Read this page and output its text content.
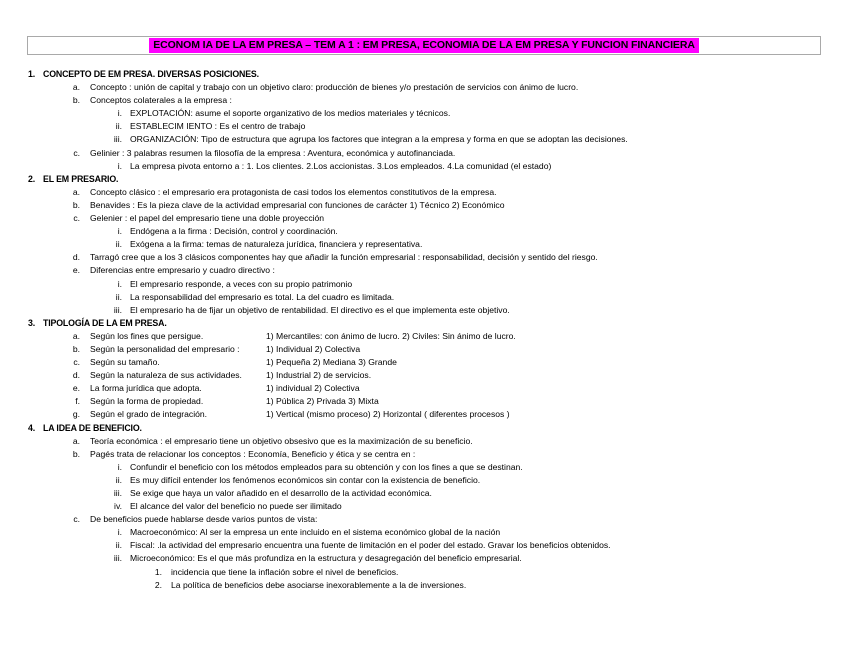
ECONOM IA DE LA EM PRESA – TEM A 1 : EM PRESA, ECONOMIA DE LA EM PRESA Y FUNCION FINANCIERA
1. CONCEPTO DE EM PRESA. DIVERSAS POSICIONES.
a.	Concepto : unión de capital y trabajo con un objetivo claro: producción de bienes y/o prestación de servicios con ánimo de lucro.
b.	Conceptos colaterales a la empresa :
i. EXPLOTACIÓN: asume el soporte organizativo de los medios materiales y técnicos.
ii. ESTABLECIM IENTO : Es el centro de trabajo
iii. ORGANIZACIÓN: Tipo de estructura que agrupa los factores que integran a la empresa y forma en que se adoptan las decisiones.
c.	Gelinier : 3 palabras resumen la filosofía de la empresa : Aventura, económica y autofinanciada.
i. La empresa pivota entorno a : 1. Los clientes. 2.Los accionistas. 3.Los empleados. 4.La comunidad (el estado)
2. EL EM PRESARIO.
a.	Concepto clásico : el empresario era protagonista de casi todos los elementos constitutivos de la empresa.
b.	Benavides : Es la pieza clave de la actividad empresarial con funciones de carácter 1) Técnico 2) Económico
c.	Gelenier : el papel del empresario tiene una doble proyección
i. Endógena a la firma : Decisión, control y coordinación.
ii. Exógena a la firma: temas de naturaleza jurídica, financiera y representativa.
d.	Tarragó cree que a los 3 clásicos componentes hay que añadir la función empresarial : responsabilidad, decisión y sentido del riesgo.
e.	Diferencias entre empresario y cuadro directivo :
i. El empresario responde, a veces con su propio patrimonio
ii. La responsabilidad del empresario es total. La del cuadro es limitada.
iii. El empresario ha de fijar un objetivo de rentabilidad. El directivo es el que implementa este objetivo.
3. TIPOLOGÍA DE LA EM PRESA.
a.	Según los fines que persigue.	1) Mercantiles: con ánimo de lucro. 2) Civiles: Sin ánimo de lucro.
b.	Según la personalidad del empresario :	1) Individual 2) Colectiva
c.	Según su tamaño.	1) Pequeña 2) Mediana 3) Grande
d.	Según la naturaleza de sus actividades.	1) Industrial 2) de servicios.
e.	La forma jurídica que adopta.	1) individual 2) Colectiva
f.	Según la forma de propiedad.	1) Pública 2) Privada 3) Mixta
g.	Según el grado de integración.	1) Vertical (mismo proceso) 2) Horizontal ( diferentes procesos )
4. LA IDEA DE BENEFICIO.
a.	Teoría económica : el empresario tiene un objetivo obsesivo que es la maximización de su beneficio.
b.	Pagés trata de relacionar los conceptos : Economía, Beneficio y ética y se centra en :
i. Confundir el beneficio con los métodos empleados para su obtención y con los fines a que se destinan.
ii. Es muy difícil entender los fenómenos económicos sin contar con la existencia de beneficio.
iii. Se exige que haya un valor añadido en el desarrollo de la actividad económica.
iv. El alcance del valor del beneficio no puede ser ilimitado
c.	De beneficios puede hablarse desde varios puntos de vista:
i. Macroeconómico: Al ser la empresa un ente incluido en el sistema económico global de la nación
ii. Fiscal: .la actividad del empresario encuentra una fuente de limitación en el poder del estado. Gravar los beneficios obtenidos.
iii. Microeconómico: Es el que más profundiza en la estructura y desagregación del beneficio empresarial.
1.	incidencia que tiene la inflación sobre el nivel de beneficios.
2.	La política de beneficios debe asociarse inexorablemente a la de inversiones.
